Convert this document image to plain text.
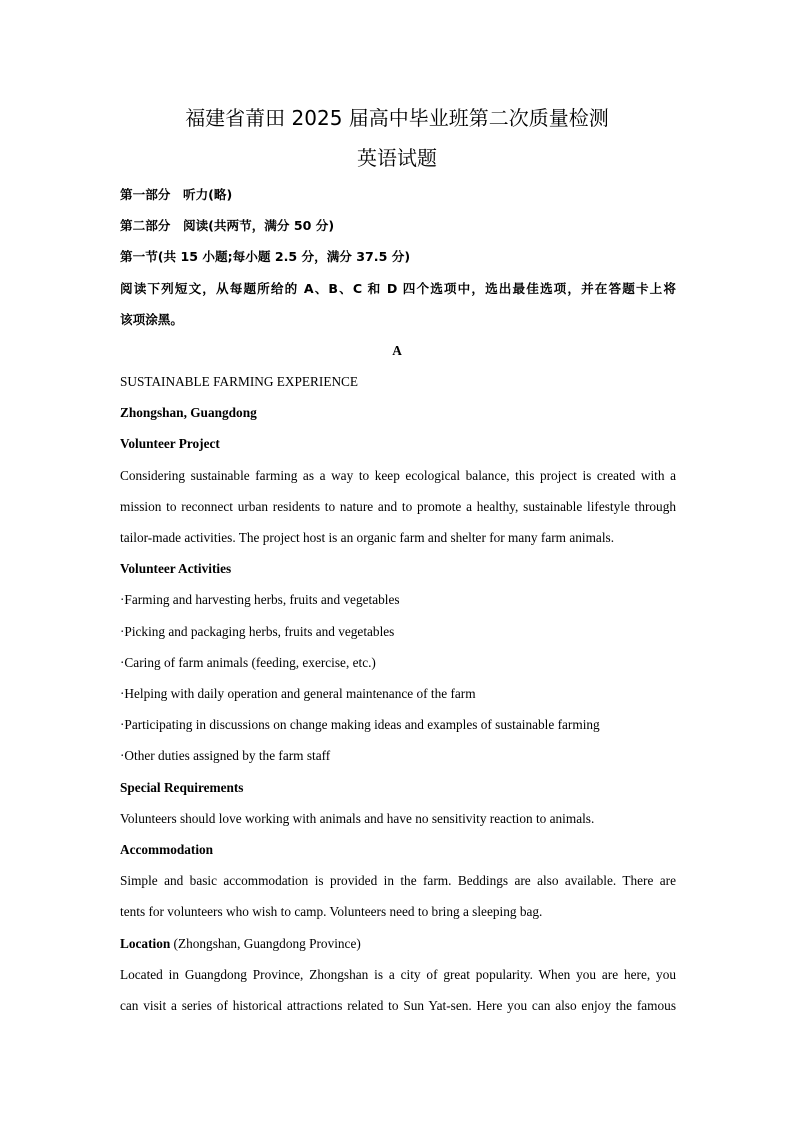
福建省莆田 2025 届高中毕业班第二次质量检测
英语试题
第一部分　听力(略)
第二部分　阅读(共两节，满分 50 分)
第一节(共 15 小题;每小题 2.5 分，满分 37.5 分)
阅读下列短文，从每题所给的 A、B、C 和 D 四个选项中，选出最佳选项，并在答题卡上将
该项涂黑。
A
SUSTAINABLE FARMING EXPERIENCE
Zhongshan, Guangdong
Volunteer Project
Considering sustainable farming as a way to keep ecological balance, this project is created with a
mission to reconnect urban residents to nature and to promote a healthy, sustainable lifestyle through
tailor-made activities. The project host is an organic farm and shelter for many farm animals.
Volunteer Activities
·Farming and harvesting herbs, fruits and vegetables
·Picking and packaging herbs, fruits and vegetables
·Caring of farm animals (feeding, exercise, etc.)
·Helping with daily operation and general maintenance of the farm
·Participating in discussions on change making ideas and examples of sustainable farming
·Other duties assigned by the farm staff
Special Requirements
Volunteers should love working with animals and have no sensitivity reaction to animals.
Accommodation
Simple and basic accommodation is provided in the farm. Beddings are also available. There are
tents for volunteers who wish to camp. Volunteers need to bring a sleeping bag.
Location (Zhongshan, Guangdong Province)
Located in Guangdong Province, Zhongshan is a city of great popularity. When you are here, you
can visit a series of historical attractions related to Sun Yat-sen. Here you can also enjoy the famous
